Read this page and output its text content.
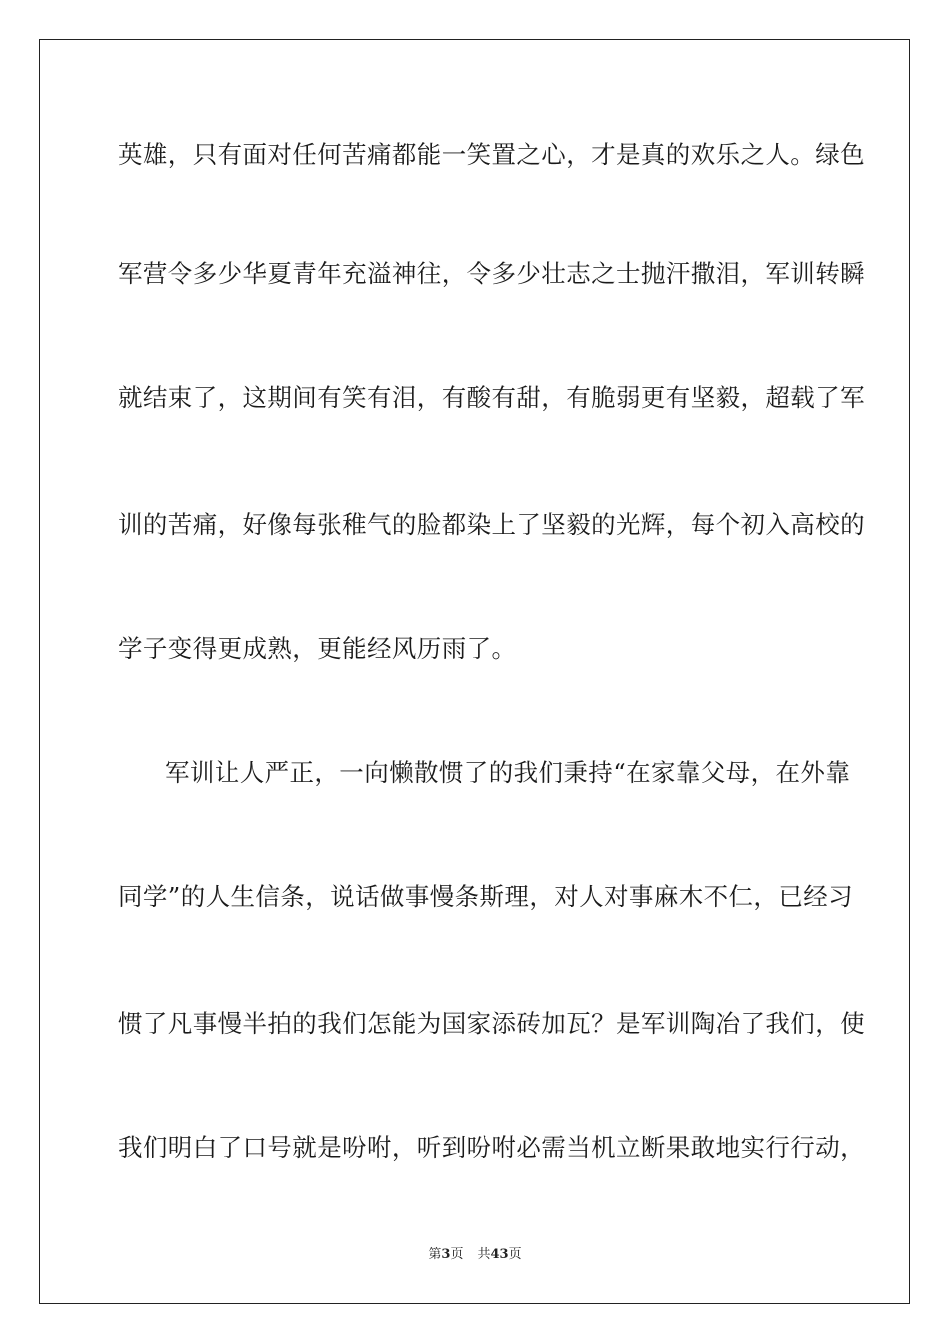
英雄，只有面对任何苦痛都能一笑置之心，才是真的欢乐之人。绿色
军营令多少华夏青年充溢神往，令多少壮志之士抛汗撒泪，军训转瞬
就结束了，这期间有笑有泪，有酸有甜，有脆弱更有坚毅，超载了军
训的苦痛，好像每张稚气的脸都染上了坚毅的光辉，每个初入高校的
学子变得更成熟，更能经风历雨了。
军训让人严正，一向懒散惯了的我们秉持“在家靠父母，在外靠
同学”的人生信条，说话做事慢条斯理，对人对事麻木不仁，已经习
惯了凡事慢半拍的我们怎能为国家添砖加瓦？是军训陶冶了我们，使
我们明白了口号就是吩咐，听到吩咐必需当机立断果敢地实行行动，
第3页 共43页
